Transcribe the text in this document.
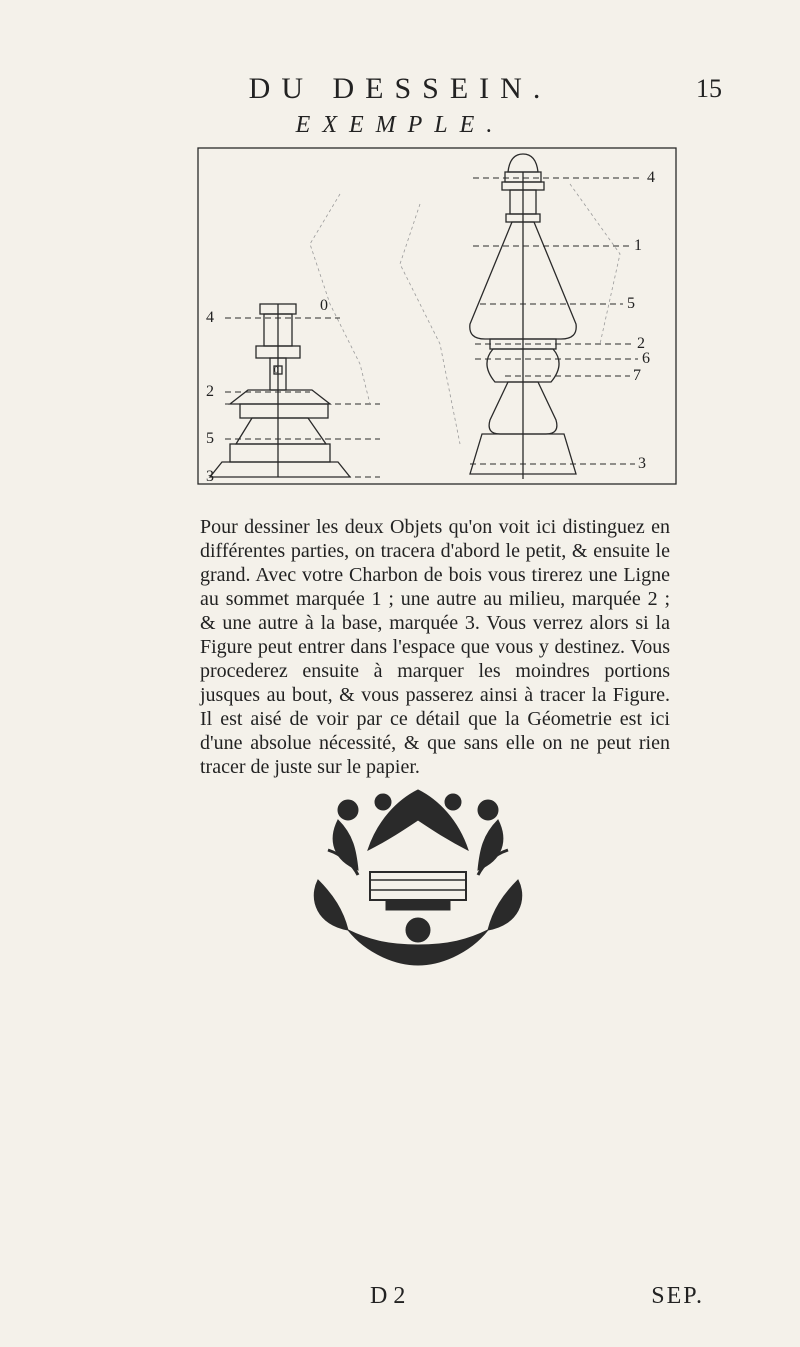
DU DESSEIN.	15
EXEMPLE.
4
1
5
2
6
7
3
0
4
2
5
3
0
Pour dessiner les deux Objets qu'on voit ici distinguez en différentes parties, on tracera d'abord le petit, & ensuite le grand. Avec votre Charbon de bois vous tirerez une Ligne au sommet marquée 1 ; une autre au milieu, marquée 2 ; & une autre à la base, marquée 3. Vous verrez alors si la Figure peut entrer dans l'espace que vous y destinez. Vous procederez ensuite à marquer les moindres portions jusques au bout, & vous passerez ainsi à tracer la Figure. Il est aisé de voir par ce détail que la Géometrie est ici d'une absolue nécessité, & que sans elle on ne peut rien tracer de juste sur le papier.
D 2	SEP.
